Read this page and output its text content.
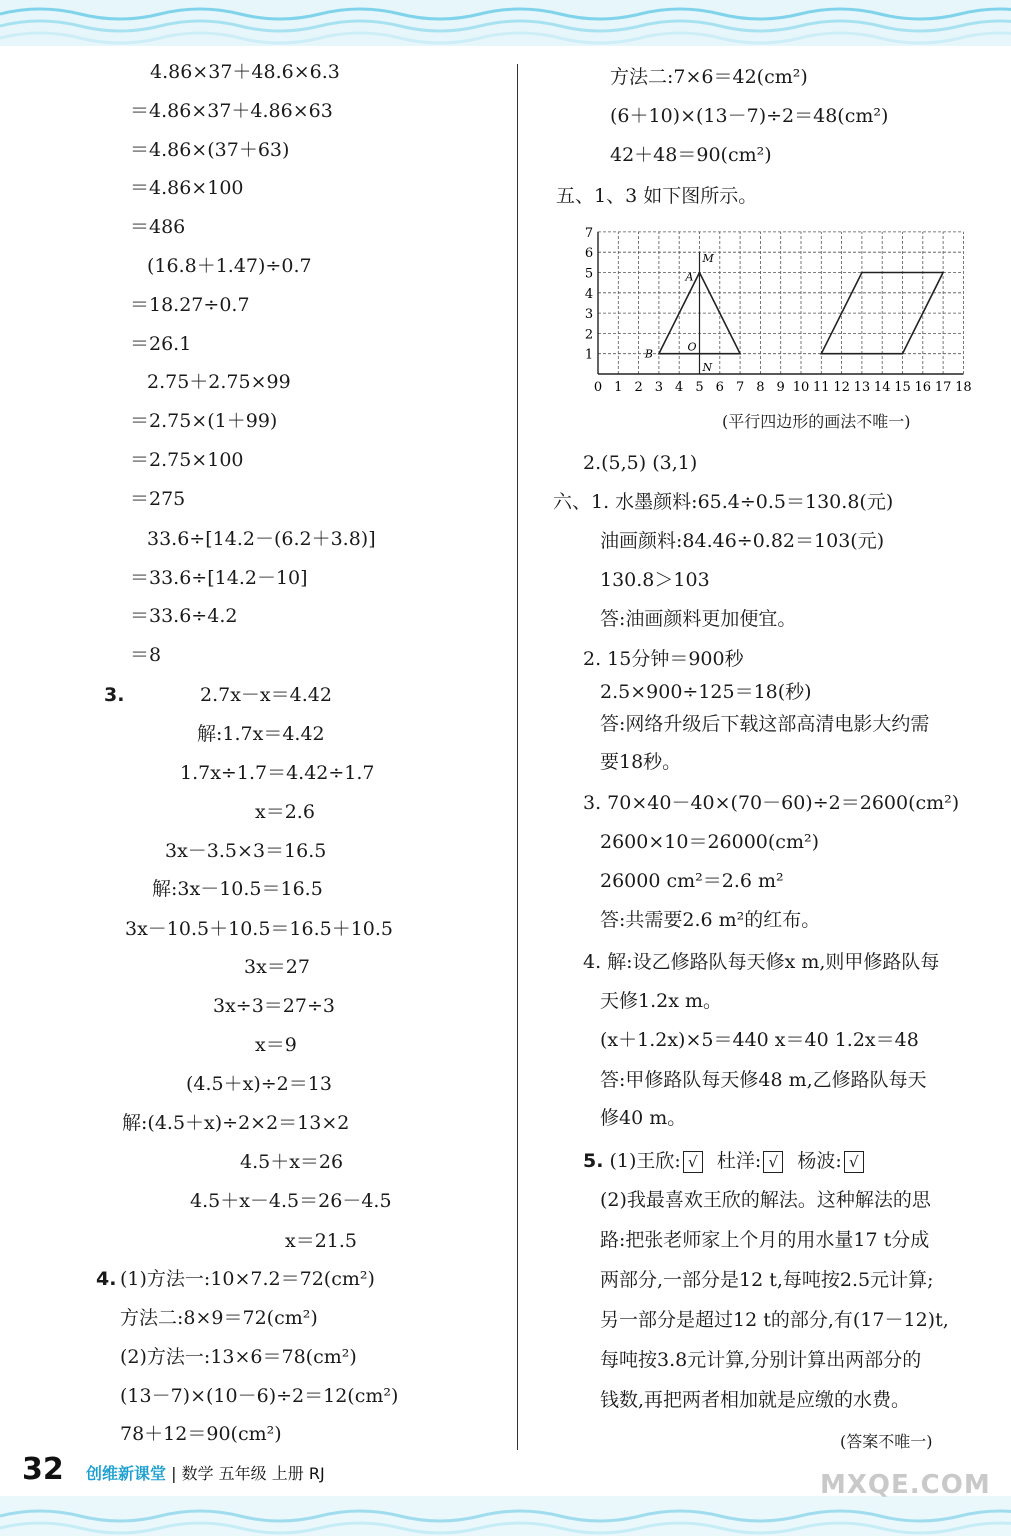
4.86×37＋48.6×6.3
＝4.86×37＋4.86×63
＝4.86×(37＋63)
＝4.86×100
＝486
(16.8＋1.47)÷0.7
＝18.27÷0.7
＝26.1
2.75＋2.75×99
＝2.75×(1＋99)
＝2.75×100
＝275
33.6÷[14.2－(6.2＋3.8)]
＝33.6÷[14.2－10]
＝33.6÷4.2
＝8
2.7x－x＝4.42
解:1.7x＝4.42
1.7x÷1.7＝4.42÷1.7
x＝2.6
3x－3.5×3＝16.5
解:3x－10.5＝16.5
3x－10.5＋10.5＝16.5＋10.5
3x＝27
3x÷3＝27÷3
x＝9
(4.5＋x)÷2＝13
解:(4.5＋x)÷2×2＝13×2
4.5＋x＝26
4.5＋x－4.5＝26－4.5
x＝21.5
(1)方法一:10×7.2＝72(cm²)
方法二:8×9＝72(cm²)
(2)方法一:13×6＝78(cm²)
(13－7)×(10－6)÷2＝12(cm²)
78＋12＝90(cm²)
3.
4.
方法二:7×6＝42(cm²)
(6＋10)×(13－7)÷2＝48(cm²)
42＋48＝90(cm²)
五、1、3 如下图所示。
(平行四边形的画法不唯一)
2.(5,5) (3,1)
六、1. 水墨颜料:65.4÷0.5＝130.8(元)
油画颜料:84.46÷0.82＝103(元)
130.8＞103
答:油画颜料更加便宜。
2. 15分钟＝900秒
2.5×900÷125＝18(秒)
答:网络升级后下载这部高清电影大约需
要18秒。
3. 70×40－40×(70－60)÷2＝2600(cm²)
2600×10＝26000(cm²)
26000 cm²＝2.6 m²
答:共需要2.6 m²的红布。
4. 解:设乙修路队每天修x m,则甲修路队每
天修1.2x m。
(x＋1.2x)×5＝440 x＝40 1.2x＝48
答:甲修路队每天修48 m,乙修路队每天
修40 m。
(2)我最喜欢王欣的解法。这种解法的思
路:把张老师家上个月的用水量17 t分成
两部分,一部分是12 t,每吨按2.5元计算;
另一部分是超过12 t的部分,有(17－12)t,
每吨按3.8元计算,分别计算出两部分的
钱数,再把两者相加就是应缴的水费。
(答案不唯一)
5. (1)王欣: √ 杜洋: √ 杨波: √
0 1 2 3 4 5 6 7 8 9 10 11 12 13 14 15 16 17 18
1
2
3
4
5
6
7
M
A
B
O
N
32 创维新课堂 | 数学 五年级 上册 RJ	MXQE.COM
